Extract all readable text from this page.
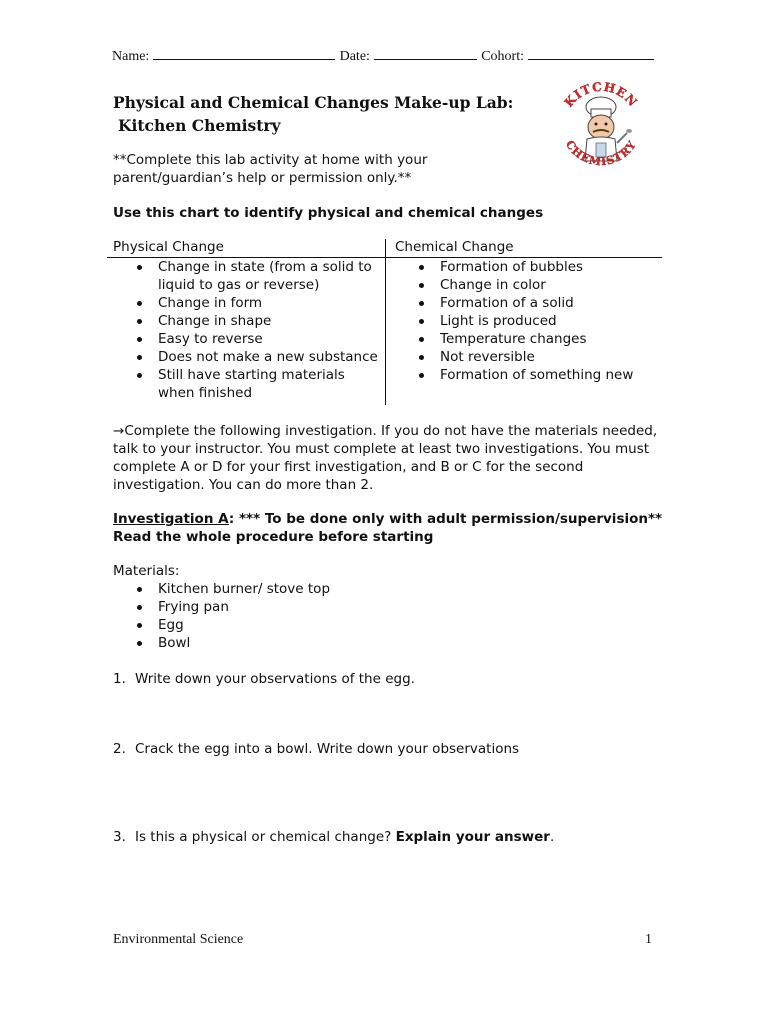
Name:	Date:	Cohort:
Physical and Chemical Changes Make-up Lab:
Kitchen Chemistry
KITCHEN
CHEMISTRY
**Complete this lab activity at home with your parent/guardian’s help or permission only.**
Use this chart to identify physical and chemical changes
Physical Change
Change in state (from a solid to liquid to gas or reverse)
Change in form
Change in shape
Easy to reverse
Does not make a new substance
Still have starting materials when finished
Chemical Change
Formation of bubbles
Change in color
Formation of a solid
Light is produced
Temperature changes
Not reversible
Formation of something new
→Complete the following investigation. If you do not have the materials needed, talk to your instructor. You must complete at least two investigations. You must complete A or D for your first investigation, and B or C for the second investigation. You can do more than 2.
Investigation A: *** To be done only with adult permission/supervision**
Read the whole procedure before starting
Materials:
Kitchen burner/ stove top
Frying pan
Egg
Bowl
1. Write down your observations of the egg.
2. Crack the egg into a bowl. Write down your observations
3. Is this a physical or chemical change? Explain your answer.
Environmental Science	1
